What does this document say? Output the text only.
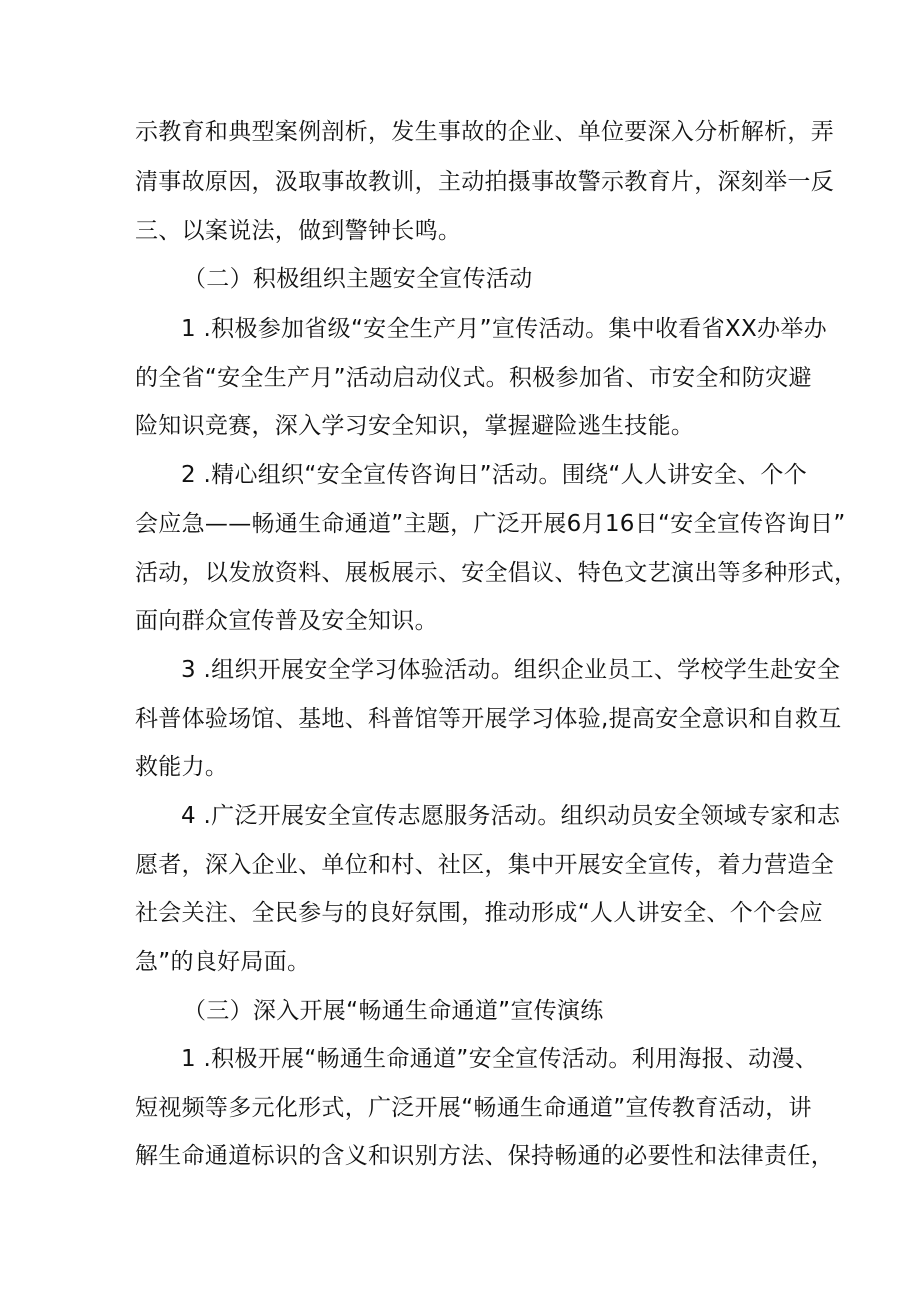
示教育和典型案例剖析，发生事故的企业、单位要深入分析解析，弄
清事故原因，汲取事故教训，主动拍摄事故警示教育片，深刻举一反
三、以案说法，做到警钟长鸣。
（二）积极组织主题安全宣传活动
1 .积极参加省级“安全生产月”宣传活动。集中收看省XX办举办
的全省“安全生产月”活动启动仪式。积极参加省、市安全和防灾避
险知识竞赛，深入学习安全知识，掌握避险逃生技能。
2 .精心组织“安全宣传咨询日”活动。围绕“人人讲安全、个个
会应急——畅通生命通道”主题，广泛开展6月16日“安全宣传咨询日”
活动，以发放资料、展板展示、安全倡议、特色文艺演出等多种形式，
面向群众宣传普及安全知识。
3 .组织开展安全学习体验活动。组织企业员工、学校学生赴安全
科普体验场馆、基地、科普馆等开展学习体验,提高安全意识和自救互
救能力。
4 .广泛开展安全宣传志愿服务活动。组织动员安全领域专家和志
愿者，深入企业、单位和村、社区，集中开展安全宣传，着力营造全
社会关注、全民参与的良好氛围，推动形成“人人讲安全、个个会应
急”的良好局面。
（三）深入开展“畅通生命通道”宣传演练
1 .积极开展“畅通生命通道”安全宣传活动。利用海报、动漫、
短视频等多元化形式，广泛开展“畅通生命通道”宣传教育活动，讲
解生命通道标识的含义和识别方法、保持畅通的必要性和法律责任，
